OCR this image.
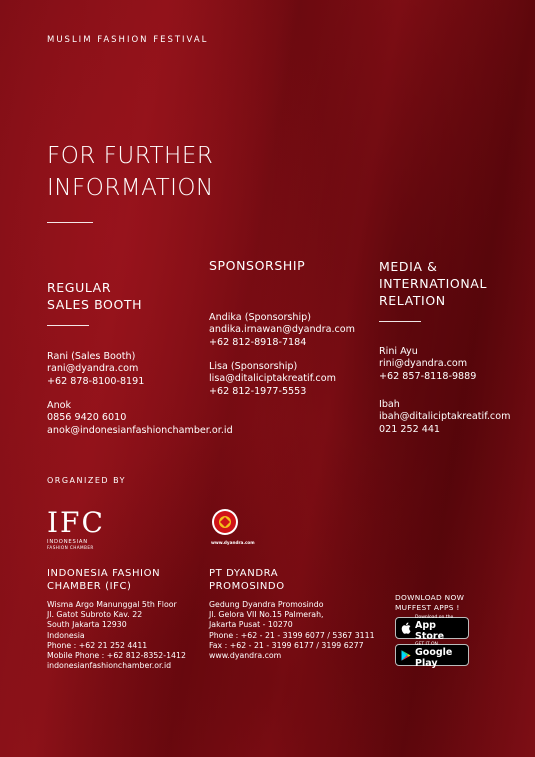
MUSLIM FASHION FESTIVAL
FOR FURTHER
INFORMATION
REGULAR
SALES BOOTH
Rani (Sales Booth)
rani@dyandra.com
+62 878-8100-8191
Anok
0856 9420 6010
anok@indonesianfashionchamber.or.id
SPONSORSHIP
Andika (Sponsorship)
andika.irnawan@dyandra.com
+62 812-8918-7184
Lisa (Sponsorship)
lisa@ditaliciptakreatif.com
+62 812-1977-5553
MEDIA &
INTERNATIONAL
RELATION
Rini Ayu
rini@dyandra.com
+62 857-8118-9889
Ibah
ibah@ditaliciptakreatif.com
021 252 441
ORGANIZED BY
IFC
INDONESIAN
FASHION CHAMBER
www.dyandra.com
INDONESIA FASHION
CHAMBER (IFC)
Wisma Argo Manunggal 5th Floor
Jl. Gatot Subroto Kav. 22
South Jakarta 12930
Indonesia
Phone : +62 21 252 4411
Mobile Phone : +62 812-8352-1412
indonesianfashionchamber.or.id
PT DYANDRA
PROMOSINDO
Gedung Dyandra Promosindo
Jl. Gelora VII No.15 Palmerah,
Jakarta Pusat - 10270
Phone : +62 - 21 - 3199 6077 / 5367 3111
Fax : +62 - 21 - 3199 6177 / 3199 6277
www.dyandra.com
DOWNLOAD NOW
MUFFEST APPS !
Download on the
App Store
GET IT ON
Google Play
